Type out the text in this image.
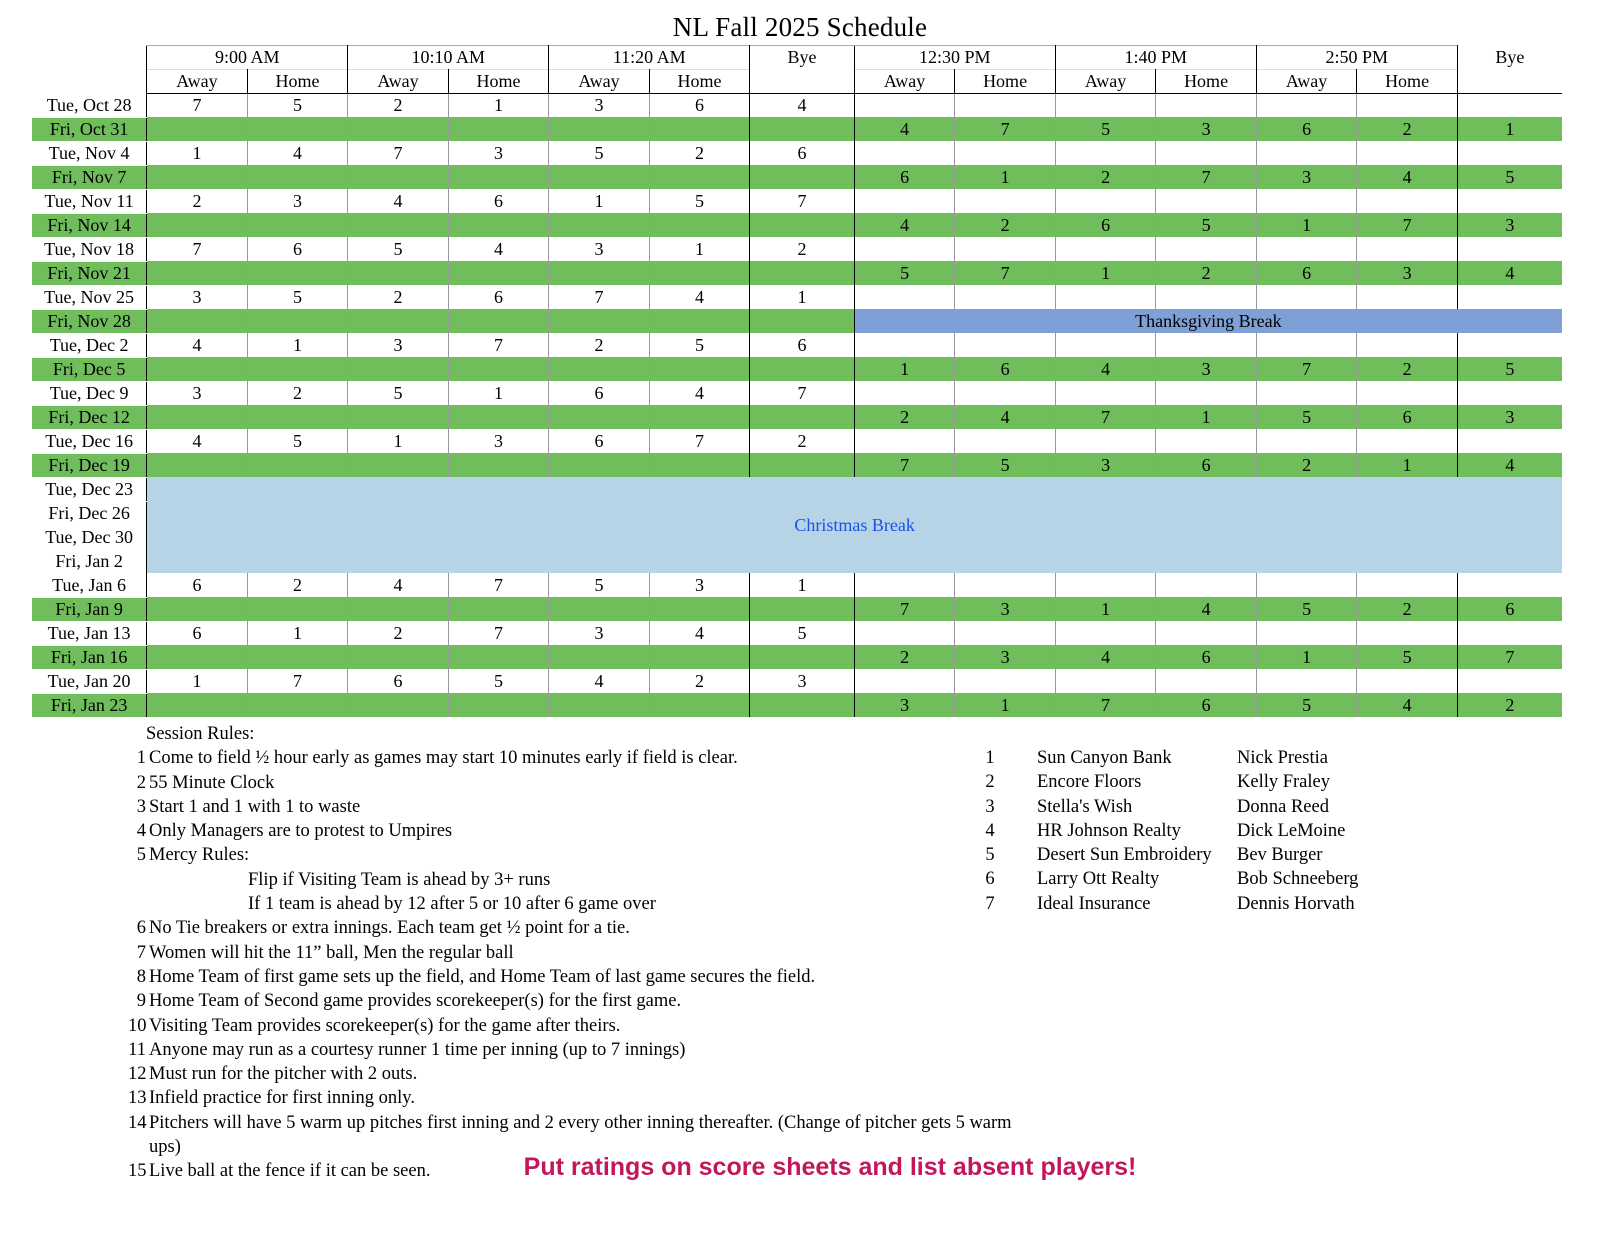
NL Fall 2025 Schedule
	9:00 AM		10:10 AM		11:20 AM		Bye	12:30 PM		1:40 PM		2:50 PM		Bye
	Away	Home	Away	Home	Away	Home		Away	Home	Away	Home	Away	Home	
Tue, Oct 28	7	5	2	1	3	6	4							
Fri, Oct 31								4	7	5	3	6	2	1
Tue, Nov 4	1	4	7	3	5	2	6							
Fri, Nov 7								6	1	2	7	3	4	5
Tue, Nov 11	2	3	4	6	1	5	7							
Fri, Nov 14								4	2	6	5	1	7	3
Tue, Nov 18	7	6	5	4	3	1	2							
Fri, Nov 21								5	7	1	2	6	3	4
Tue, Nov 25	3	5	2	6	7	4	1							
Fri, Nov 28								Thanksgiving Break						
Tue, Dec 2	4	1	3	7	2	5	6							
Fri, Dec 5								1	6	4	3	7	2	5
Tue, Dec 9	3	2	5	1	6	4	7							
Fri, Dec 12								2	4	7	1	5	6	3
Tue, Dec 16	4	5	1	3	6	7	2							
Fri, Dec 19								7	5	3	6	2	1	4
Tue, Dec 23	Christmas Break													
Fri, Dec 26														
Tue, Dec 30														
Fri, Jan 2														
Tue, Jan 6	6	2	4	7	5	3	1							
Fri, Jan 9								7	3	1	4	5	2	6
Tue, Jan 13	6	1	2	7	3	4	5							
Fri, Jan 16								2	3	4	6	1	5	7
Tue, Jan 20	1	7	6	5	4	2	3							
Fri, Jan 23								3	1	7	6	5	4	2
Session Rules:
1 Come to field ½ hour early as games may start 10 minutes early if field is clear.
2 55 Minute Clock
3 Start 1 and 1 with 1 to waste
4 Only Managers are to protest to Umpires
5 Mercy Rules:
Flip if Visiting Team is ahead by 3+ runs
If 1 team is ahead by 12 after 5 or 10 after 6 game over
6 No Tie breakers or extra innings. Each team get ½ point for a tie.
7 Women will hit the 11” ball, Men the regular ball
8 Home Team of first game sets up the field, and Home Team of last game secures the field.
9 Home Team of Second game provides scorekeeper(s) for the first game.
10 Visiting Team provides scorekeeper(s) for the game after theirs.
11 Anyone may run as a courtesy runner 1 time per inning (up to 7 innings)
12 Must run for the pitcher with 2 outs.
13 Infield practice for first inning only.
14 Pitchers will have 5 warm up pitches first inning and 2 every other inning thereafter. (Change of pitcher gets 5 warm ups)
15 Live ball at the fence if it can be seen.
1	Sun Canyon Bank	Nick Prestia
2	Encore Floors	Kelly Fraley
3	Stella's Wish	Donna Reed
4	HR Johnson Realty	Dick LeMoine
5	Desert Sun Embroidery	Bev Burger
6	Larry Ott Realty	Bob Schneeberg
7	Ideal Insurance	Dennis Horvath
Put ratings on score sheets and list absent players!
